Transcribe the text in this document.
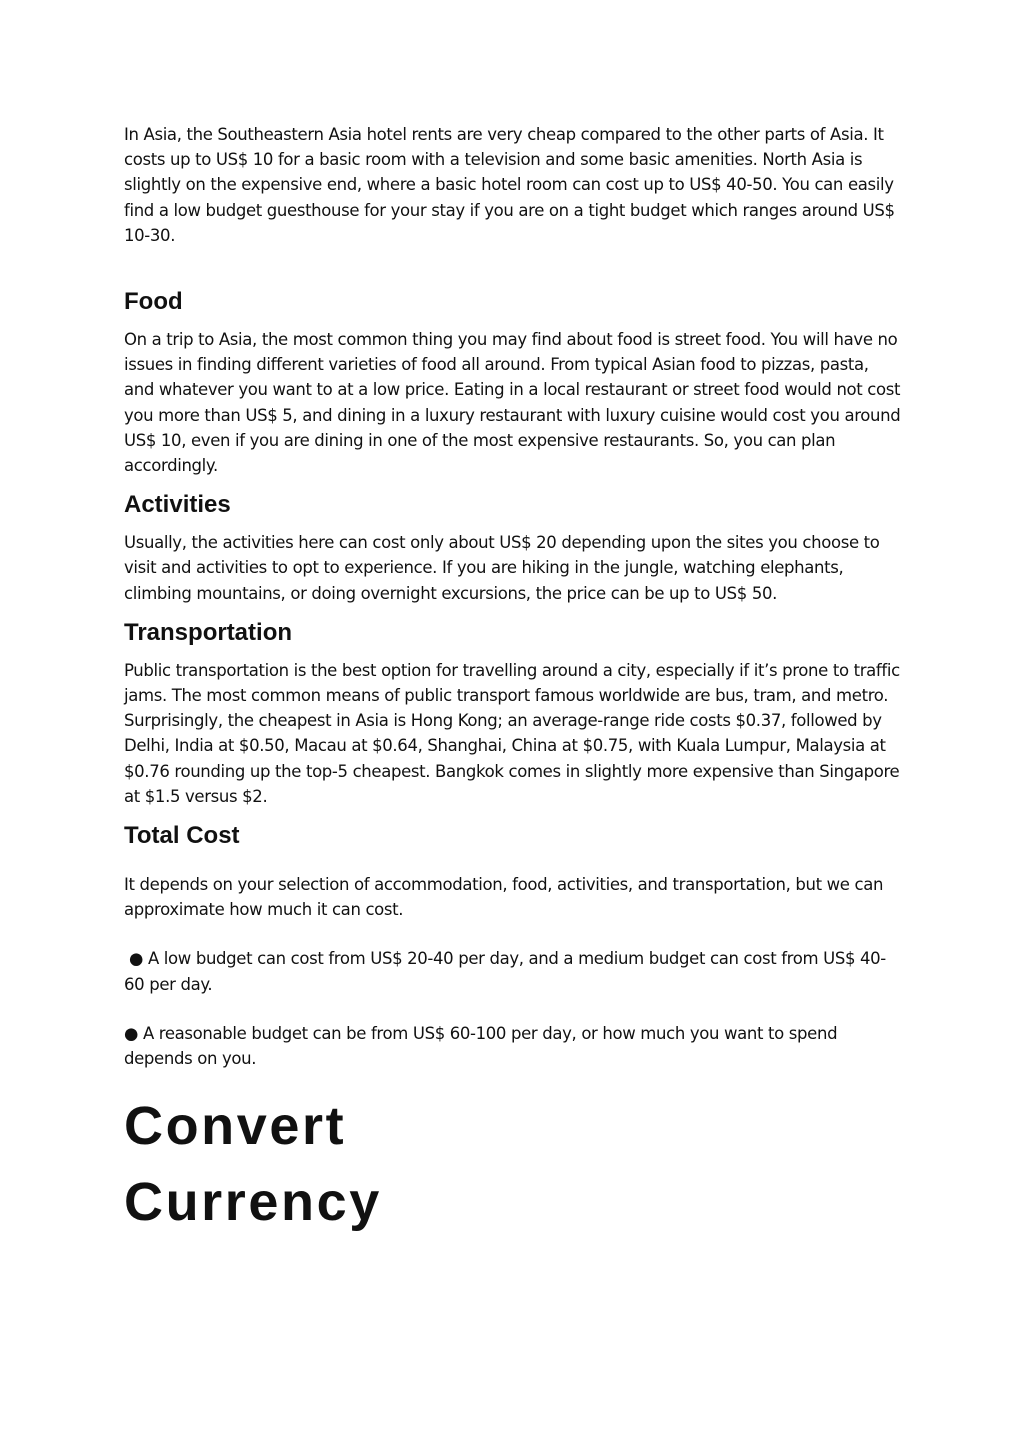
In Asia, the Southeastern Asia hotel rents are very cheap compared to the other parts of Asia. It costs up to US$ 10 for a basic room with a television and some basic amenities. North Asia is slightly on the expensive end, where a basic hotel room can cost up to US$ 40-50. You can easily find a low budget guesthouse for your stay if you are on a tight budget which ranges around US$ 10-30.

Food

On a trip to Asia, the most common thing you may find about food is street food. You will have no issues in finding different varieties of food all around. From typical Asian food to pizzas, pasta, and whatever you want to at a low price. Eating in a local restaurant or street food would not cost you more than US$ 5, and dining in a luxury restaurant with luxury cuisine would cost you around US$ 10, even if you are dining in one of the most expensive restaurants. So, you can plan accordingly.

Activities

Usually, the activities here can cost only about US$ 20 depending upon the sites you choose to visit and activities to opt to experience. If you are hiking in the jungle, watching elephants, climbing mountains, or doing overnight excursions, the price can be up to US$ 50.

Transportation

Public transportation is the best option for travelling around a city, especially if it’s prone to traffic jams. The most common means of public transport famous worldwide are bus, tram, and metro. Surprisingly, the cheapest in Asia is Hong Kong; an average-range ride costs $0.37, followed by Delhi, India at $0.50, Macau at $0.64, Shanghai, China at $0.75, with Kuala Lumpur, Malaysia at $0.76 rounding up the top-5 cheapest. Bangkok comes in slightly more expensive than Singapore at $1.5 versus $2.

Total Cost

It depends on your selection of accommodation, food, activities, and transportation, but we can approximate how much it can cost.

● A low budget can cost from US$ 20-40 per day, and a medium budget can cost from US$ 40-60 per day.

● A reasonable budget can be from US$ 60-100 per day, or how much you want to spend depends on you.

Convert
Currency
